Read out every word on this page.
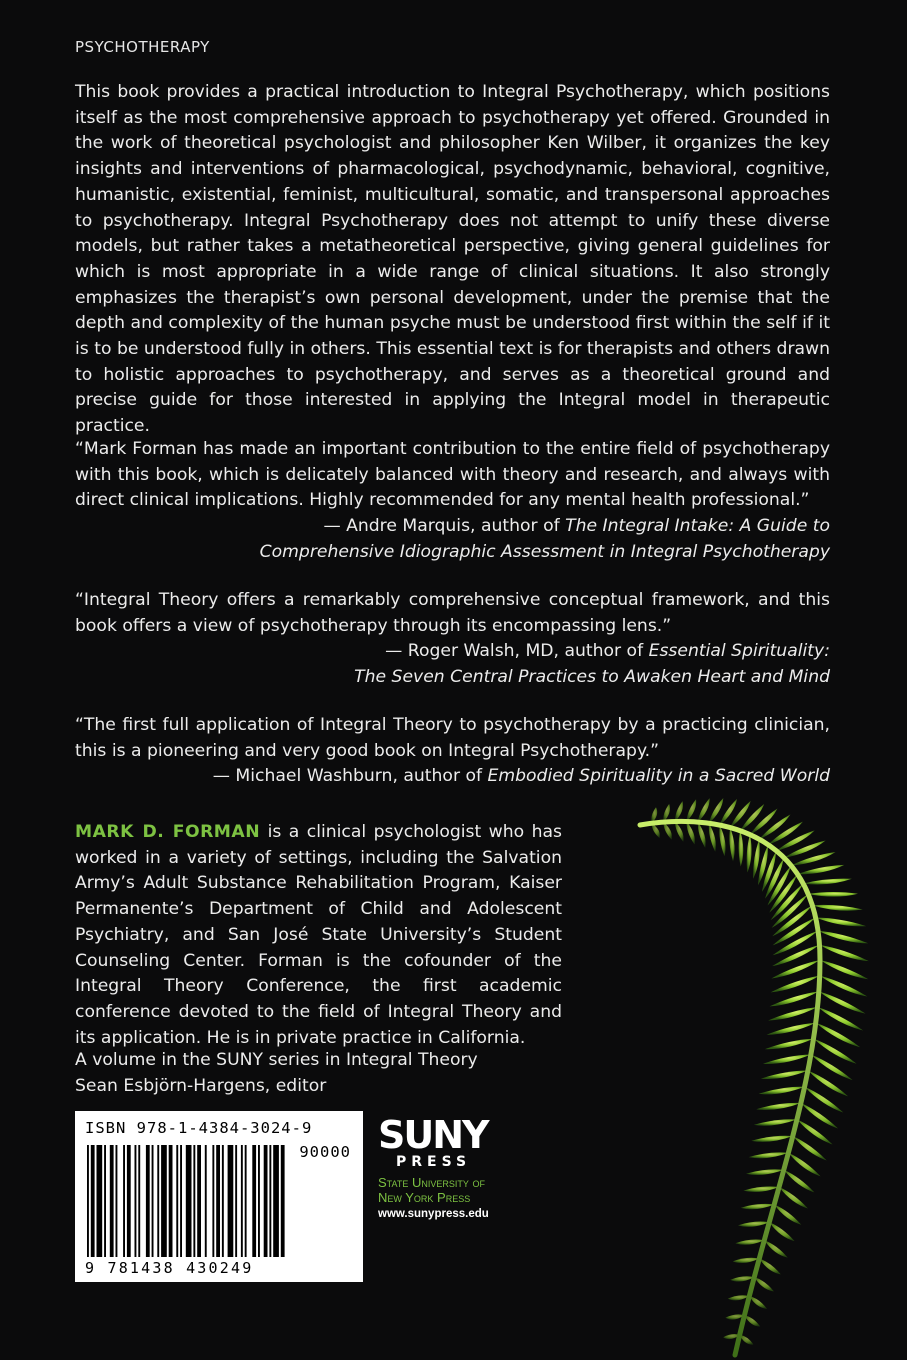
PSYCHOTHERAPY

This book provides a practical introduction to Integral Psychotherapy, which positions itself as the most comprehensive approach to psychotherapy yet offered. Grounded in the work of theoretical psychologist and philosopher Ken Wilber, it organizes the key insights and interventions of pharmacological, psychodynamic, behavioral, cognitive, humanistic, existential, feminist, multicultural, somatic, and transpersonal approaches to psychotherapy. Integral Psychotherapy does not attempt to unify these diverse models, but rather takes a metatheoretical perspective, giving general guidelines for which is most appropriate in a wide range of clinical situations. It also strongly emphasizes the therapist’s own personal development, under the premise that the depth and complexity of the human psyche must be understood first within the self if it is to be understood fully in others. This essential text is for therapists and others drawn to holistic approaches to psychotherapy, and serves as a theoretical ground and precise guide for those interested in applying the Integral model in therapeutic practice.

“Mark Forman has made an important contribution to the entire field of psychotherapy with this book, which is delicately balanced with theory and research, and always with direct clinical implications. Highly recommended for any mental health professional.”
— Andre Marquis, author of The Integral Intake: A Guide to
Comprehensive Idiographic Assessment in Integral Psychotherapy
“Integral Theory offers a remarkably comprehensive conceptual framework, and this book offers a view of psychotherapy through its encompassing lens.”
— Roger Walsh, MD, author of Essential Spirituality:
The Seven Central Practices to Awaken Heart and Mind
“The first full application of Integral Theory to psychotherapy by a practicing clinician, this is a pioneering and very good book on Integral Psychotherapy.”
— Michael Washburn, author of Embodied Spirituality in a Sacred World

MARK D. FORMAN is a clinical psychologist who has worked in a variety of settings, including the Salvation Army’s Adult Substance Rehabilitation Program, Kaiser Permanente’s Department of Child and Adolescent Psychiatry, and San José State University’s Student Counseling Center. Forman is the cofounder of the Integral Theory Conference, the first academic conference devoted to the field of Integral Theory and its application. He is in private practice in California.

A volume in the SUNY series in Integral Theory
Sean Esbjörn-Hargens, editor
ISBN 978-1-4384-3024-9
90000
9 781438 430249
SUNY
PRESS
State University of
New York Press
www.sunypress.edu
